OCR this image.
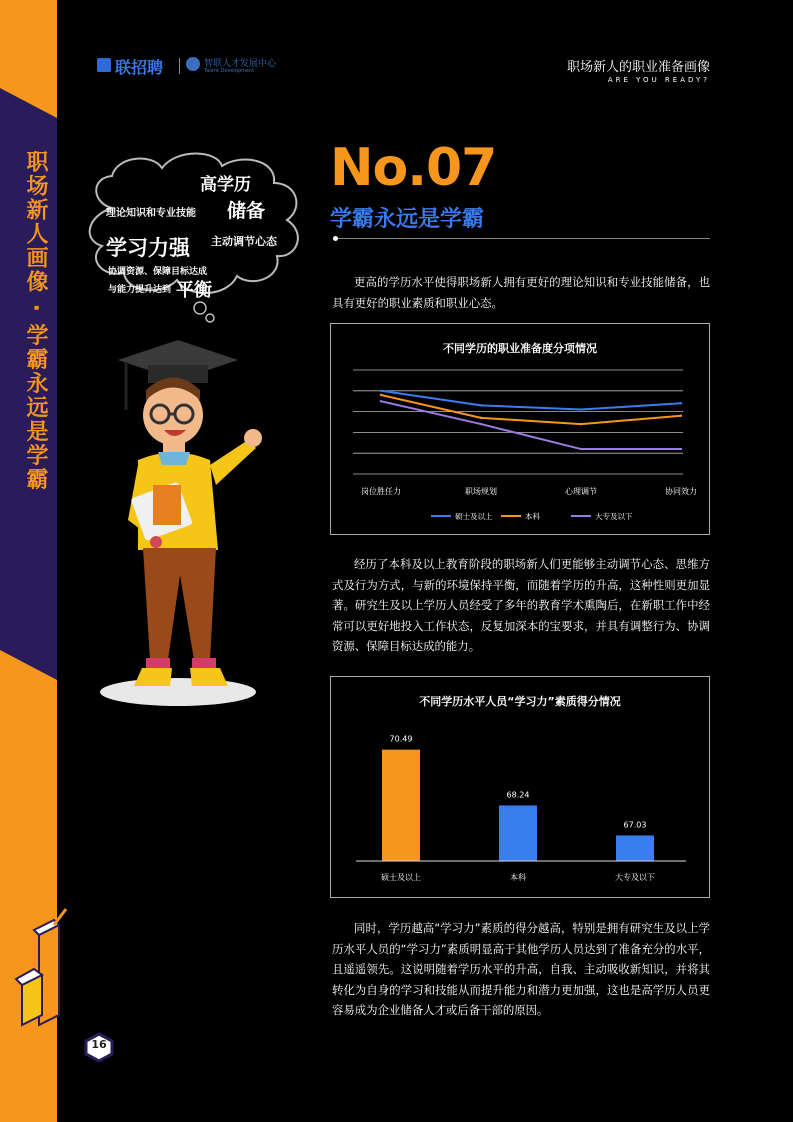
职场新人画像 · 学霸永远是学霸
联招聘	智联人才发展中心
Talent Development	职场新人的职业准备画像
ARE YOU READY?
No.07
学霸永远是学霸
高学历
理论知识和专业技能 储备
学习力强 主动调节心态
协调资源、保障目标达成
与能力提升达到 平衡	更高的学历水平使得职场新人拥有更好的理论知识和专业技能储备，也具有更好的职业素质和职业心态。
经历了本科及以上教育阶段的职场新人们更能够主动调节心态、思维方式及行为方式，与新的环境保持平衡，而随着学历的升高，这种性则更加显著。研究生及以上学历人员经受了多年的教育学术熏陶后，在新职工作中经常可以更好地投入工作状态，反复加深本的宝要求，并具有调整行为、协调资源、保障目标达成的能力。
同时，学历越高“学习力”素质的得分越高，特别是拥有研究生及以上学历水平人员的“学习力”素质明显高于其他学历人员达到了准备充分的水平，且遥遥领先。这说明随着学历水平的升高，自我、主动吸收新知识，并将其转化为自身的学习和技能从而提升能力和潜力更加强，这也是高学历人员更容易成为企业储备人才或后备干部的原因。
不同学历的职业准备度分项情况
岗位胜任力	职场规划	心理调节	协同效力
硕士及以上	本科	大专及以下
不同学历水平人员“学习力”素质得分情况
70.49
硕士及以上
68.24
本科
67.03
大专及以下
16
